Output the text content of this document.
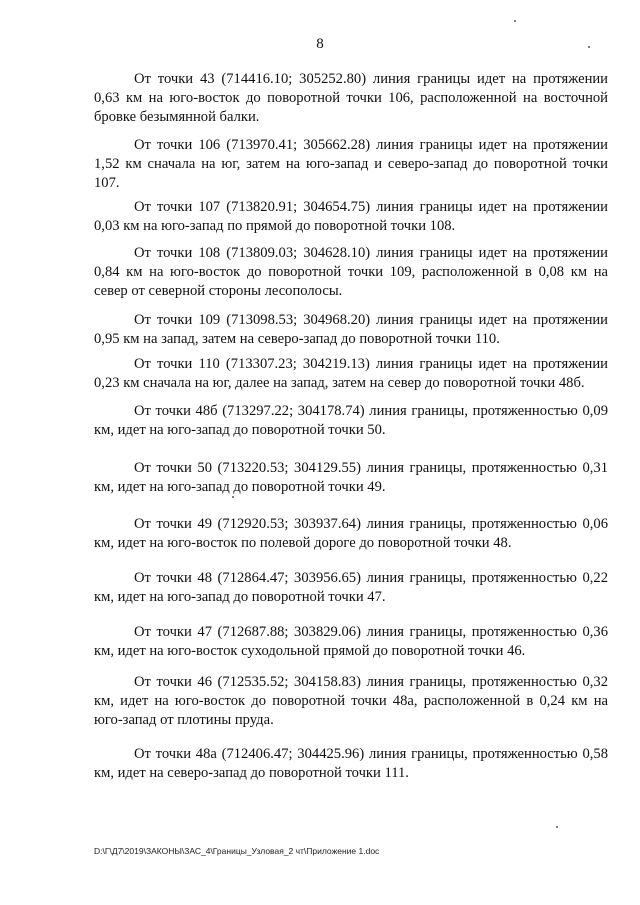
8

От точки 43 (714416.10; 305252.80) линия границы идет на протяжении 0,63 км на юго-восток до поворотной точки 106, расположенной на восточной бровке безымянной балки.

От точки 106 (713970.41; 305662.28) линия границы идет на протяжении 1,52 км сначала на юг, затем на юго-запад и северо-запад до поворотной точки 107.

От точки 107 (713820.91; 304654.75) линия границы идет на протяжении 0,03 км на юго-запад по прямой до поворотной точки 108.

От точки 108 (713809.03; 304628.10) линия границы идет на протяжении 0,84 км на юго-восток до поворотной точки 109, расположенной в 0,08 км на север от северной стороны лесополосы.

От точки 109 (713098.53; 304968.20) линия границы идет на протяжении 0,95 км на запад, затем на северо-запад до поворотной точки 110.

От точки 110 (713307.23; 304219.13) линия границы идет на протяжении 0,23 км сначала на юг, далее на запад, затем на север до поворотной точки 48б.

От точки 48б (713297.22; 304178.74) линия границы, протяженностью 0,09 км, идет на юго-запад до поворотной точки 50.

От точки 50 (713220.53; 304129.55) линия границы, протяженностью 0,31 км, идет на юго-запад до поворотной точки 49.

От точки 49 (712920.53; 303937.64) линия границы, протяженностью 0,06 км, идет на юго-восток по полевой дороге до поворотной точки 48.

От точки 48 (712864.47; 303956.65) линия границы, протяженностью 0,22 км, идет на юго-запад до поворотной точки 47.

От точки 47 (712687.88; 303829.06) линия границы, протяженностью 0,36 км, идет на юго-восток суходольной прямой до поворотной точки 46.

От точки 46 (712535.52; 304158.83) линия границы, протяженностью 0,32 км, идет на юго-восток до поворотной точки 48а, расположенной в 0,24 км на юго-запад от плотины пруда.

От точки 48а (712406.47; 304425.96) линия границы, протяженностью 0,58 км, идет на северо-запад до поворотной точки 111.

D:\Г\Д7\2019\ЗАКОНЫ\ЗАС_4\Границы_Узловая_2 чт\Приложение 1.doc
